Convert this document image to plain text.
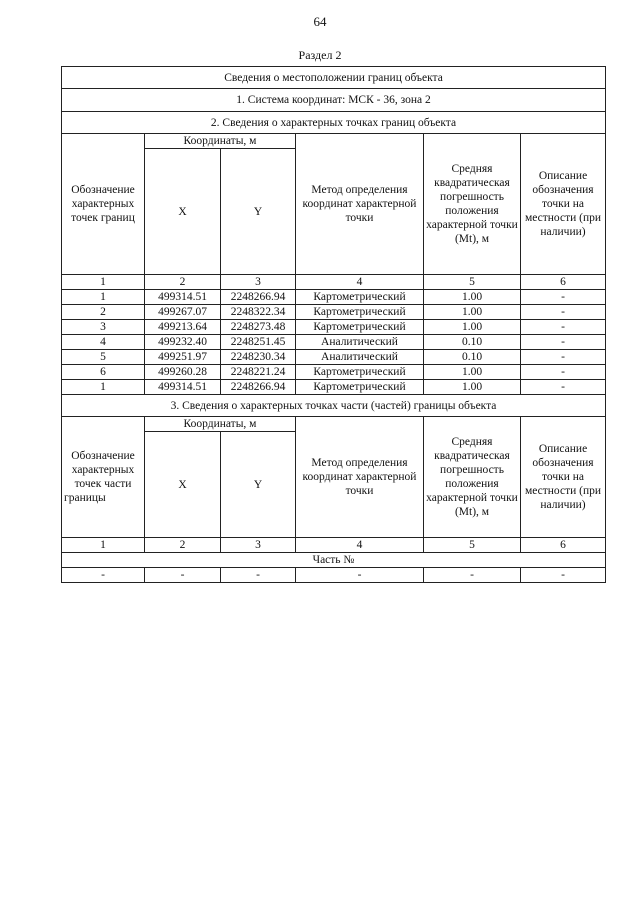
64
Раздел 2
Сведения о местоположении границ объекта					
1. Система координат: МСК - 36, зона 2					
2. Сведения о характерных точках границ объекта					
Обозначение характерных точек границ	Координаты, м		Метод определения координат характерной точки	Средняя квадратическая погрешность положения характерной точки (Mt), м	Описание обозначения точки на местности (при наличии)
	X	Y			
1	2	3	4	5	6
1	499314.51	2248266.94	Картометрический	1.00	-
2	499267.07	2248322.34	Картометрический	1.00	-
3	499213.64	2248273.48	Картометрический	1.00	-
4	499232.40	2248251.45	Аналитический	0.10	-
5	499251.97	2248230.34	Аналитический	0.10	-
6	499260.28	2248221.24	Картометрический	1.00	-
1	499314.51	2248266.94	Картометрический	1.00	-
3. Сведения о характерных точках части (частей) границы объекта					
Обозначение характерных точек части границы	Координаты, м		Метод определения координат характерной точки	Средняя квадратическая погрешность положения характерной точки (Mt), м	Описание обозначения точки на местности (при наличии)
	X	Y			
1	2	3	4	5	6
Часть №					
-	-	-	-	-	-
